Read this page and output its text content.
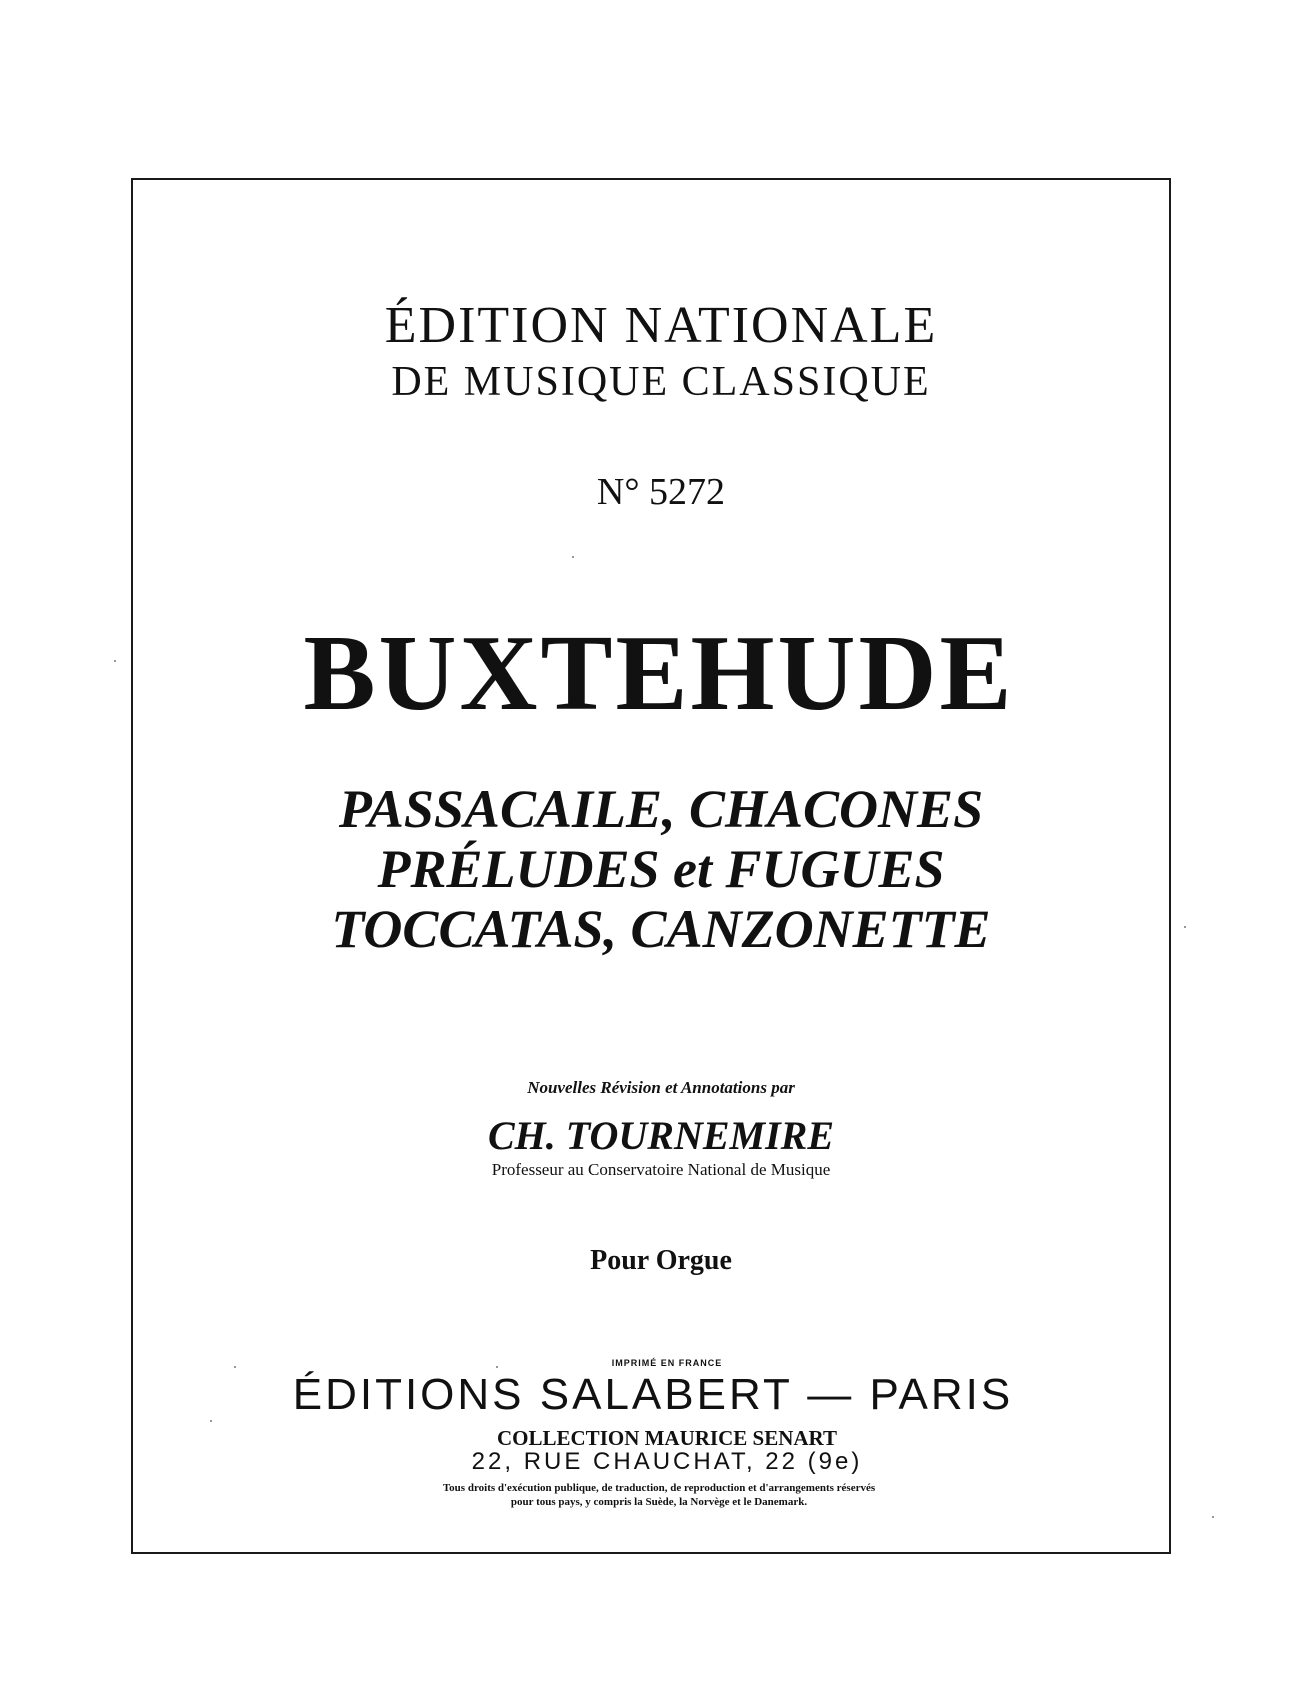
ÉDITION NATIONALE
DE MUSIQUE CLASSIQUE
N° 5272
BUXTEHUDE
PASSACAILE, CHACONES
PRÉLUDES et FUGUES
TOCCATAS, CANZONETTE
Nouvelles Révision et Annotations par
CH. TOURNEMIRE
Professeur au Conservatoire National de Musique
Pour Orgue
IMPRIMÉ EN FRANCE
ÉDITIONS SALABERT — PARIS
COLLECTION MAURICE SENART
22, RUE CHAUCHAT, 22 (9e)
Tous droits d'exécution publique, de traduction, de reproduction et d'arrangements réservés
pour tous pays, y compris la Suède, la Norvège et le Danemark.
